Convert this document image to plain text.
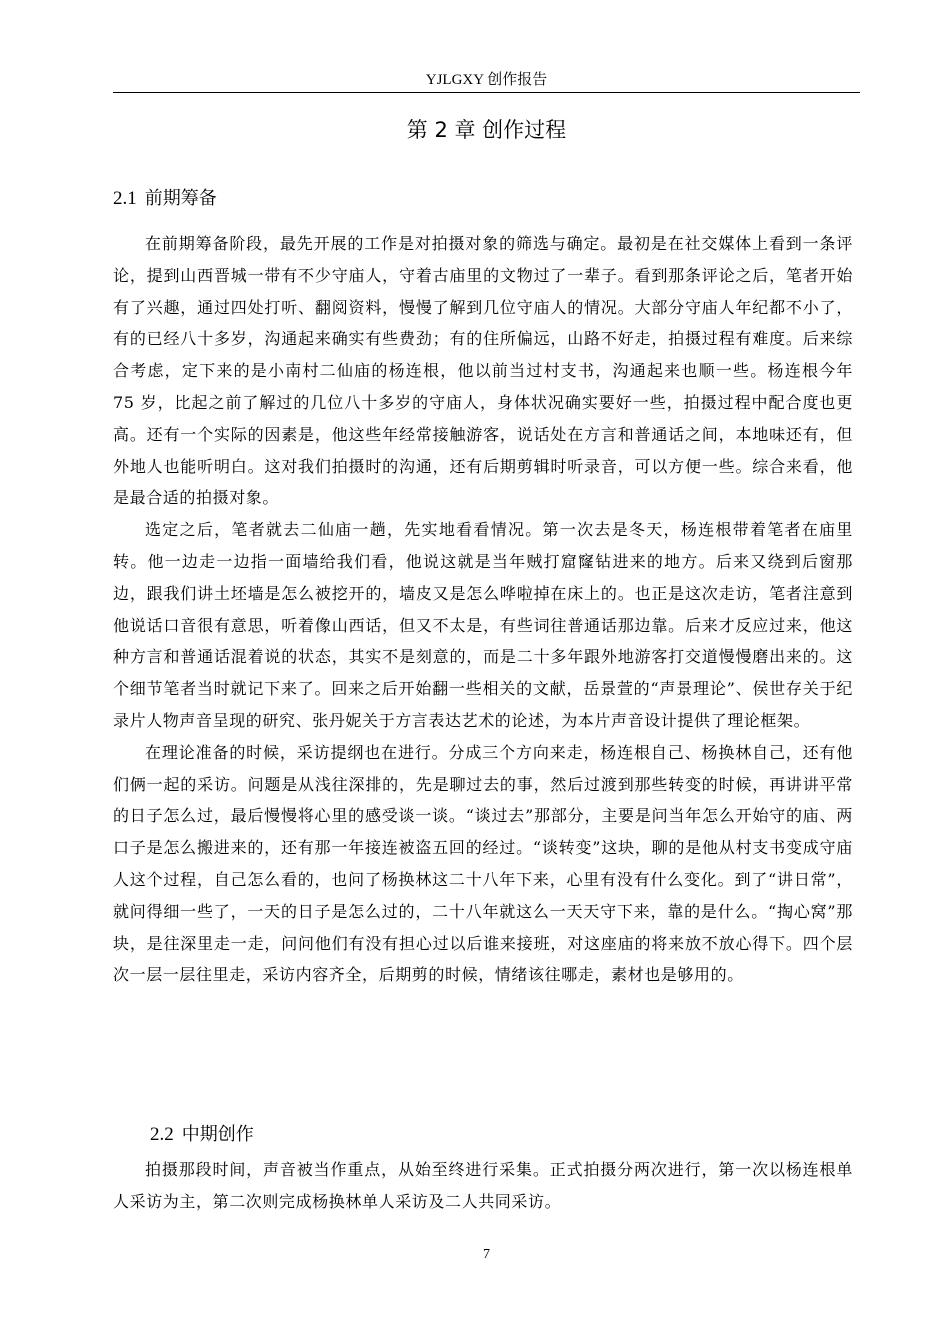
YJLGXY 创作报告
第 2 章 创作过程
2.1 前期筹备

在前期筹备阶段，最先开展的工作是对拍摄对象的筛选与确定。最初是在社交媒体上看到一条评论，提到山西晋城一带有不少守庙人，守着古庙里的文物过了一辈子。看到那条评论之后，笔者开始有了兴趣，通过四处打听、翻阅资料，慢慢了解到几位守庙人的情况。大部分守庙人年纪都不小了，有的已经八十多岁，沟通起来确实有些费劲；有的住所偏远，山路不好走，拍摄过程有难度。后来综合考虑，定下来的是小南村二仙庙的杨连根，他以前当过村支书，沟通起来也顺一些。杨连根今年 75 岁，比起之前了解过的几位八十多岁的守庙人，身体状况确实要好一些，拍摄过程中配合度也更高。还有一个实际的因素是，他这些年经常接触游客，说话处在方言和普通话之间，本地味还有，但外地人也能听明白。这对我们拍摄时的沟通，还有后期剪辑时听录音，可以方便一些。综合来看，他是最合适的拍摄对象。

选定之后，笔者就去二仙庙一趟，先实地看看情况。第一次去是冬天，杨连根带着笔者在庙里转。他一边走一边指一面墙给我们看，他说这就是当年贼打窟窿钻进来的地方。后来又绕到后窗那边，跟我们讲土坯墙是怎么被挖开的，墙皮又是怎么哗啦掉在床上的。也正是这次走访，笔者注意到他说话口音很有意思，听着像山西话，但又不太是，有些词往普通话那边靠。后来才反应过来，他这种方言和普通话混着说的状态，其实不是刻意的，而是二十多年跟外地游客打交道慢慢磨出来的。这个细节笔者当时就记下来了。回来之后开始翻一些相关的文献，岳景萱的“声景理论”、侯世存关于纪录片人物声音呈现的研究、张丹妮关于方言表达艺术的论述，为本片声音设计提供了理论框架。

在理论准备的时候，采访提纲也在进行。分成三个方向来走，杨连根自己、杨换林自己，还有他们俩一起的采访。问题是从浅往深排的，先是聊过去的事，然后过渡到那些转变的时候，再讲讲平常的日子怎么过，最后慢慢将心里的感受谈一谈。“谈过去”那部分，主要是问当年怎么开始守的庙、两口子是怎么搬进来的，还有那一年接连被盗五回的经过。“谈转变”这块，聊的是他从村支书变成守庙人这个过程，自己怎么看的，也问了杨换林这二十八年下来，心里有没有什么变化。到了“讲日常”，就问得细一些了，一天的日子是怎么过的，二十八年就这么一天天守下来，靠的是什么。“掏心窝”那块，是往深里走一走，问问他们有没有担心过以后谁来接班，对这座庙的将来放不放心得下。四个层次一层一层往里走，采访内容齐全，后期剪的时候，情绪该往哪走，素材也是够用的。

2.2 中期创作

拍摄那段时间，声音被当作重点，从始至终进行采集。正式拍摄分两次进行，第一次以杨连根单人采访为主，第二次则完成杨换林单人采访及二人共同采访。

7
